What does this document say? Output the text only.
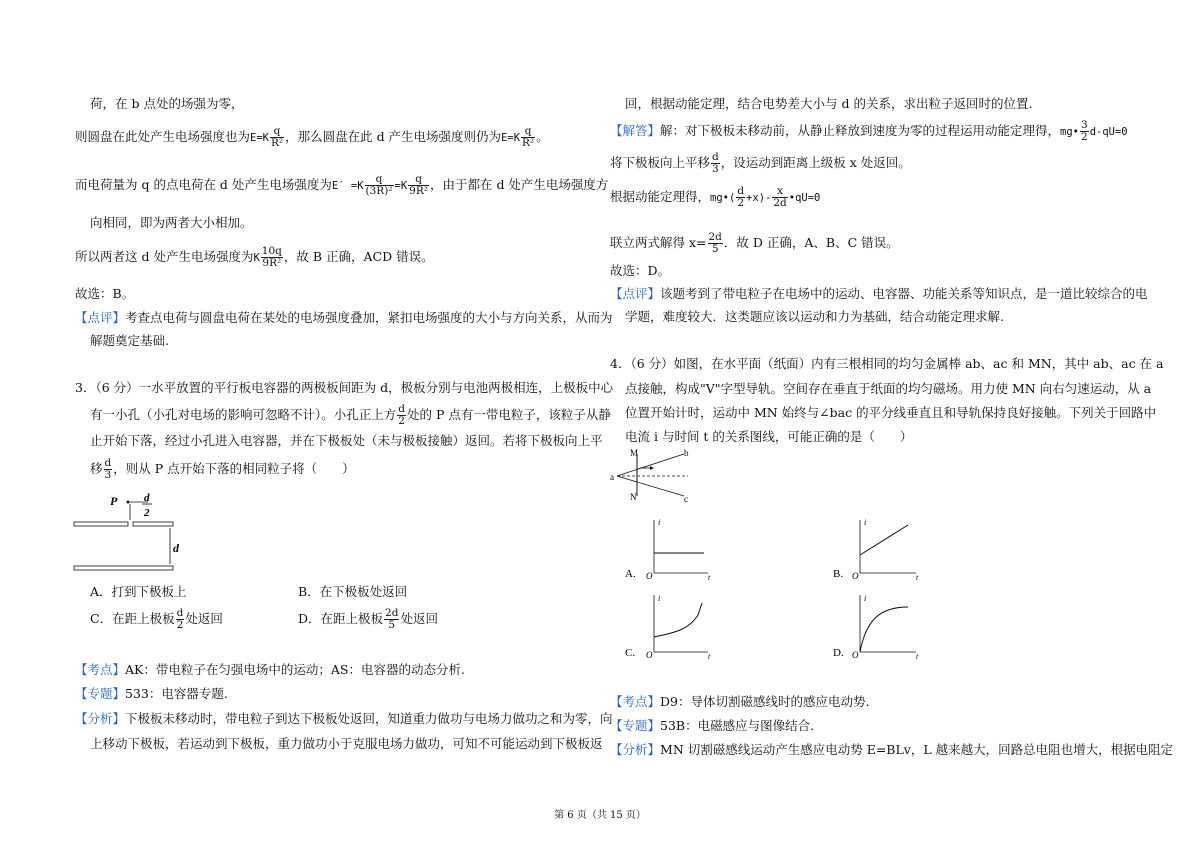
荷，在 b 点处的场强为零，
则圆盘在此处产生电场强度也为$E=K \frac{q}{\text{R²}}$ ，那么圆盘在此 d 产生电场强度则仍为$E=K \frac{q}{\text{R²}}$ 。
而电荷量为 q 的点电荷在 d 处产生电场强度为$E' =K \frac{q}{\text{(3R)²}} =K \frac{q}{\text{9R²}}$ ，由于都在 d 处产生电场强度方
向相同，即为两者大小相加。
所以两者这 d 处产生电场强度为K $\frac{10q}{\text{9R²}}$ ，故 B 正确，ACD 错误。
故选：B。
【点评】考查点电荷与圆盘电荷在某处的电场强度叠加，紧扣电场强度的大小与方向关系，从而为
解题奠定基础.
3．（6 分）一水平放置的平行板电容器的两极板间距为 d，极板分别与电池两极相连，上极板中心
有一小孔（小孔对电场的影响可忽略不计）。小孔正上方 $\frac{d}{2}$ 处的 P 点有一带电粒子，该粒子从静
止开始下落，经过小孔进入电容器，并在下极板处（未与极板接触）返回。若将下极板向上平
移 $\frac{d}{3}$ ，则从 P 点开始下落的相同粒子将（　　）
P d
2
d
A．打到下极板上	B．在下极板处返回
C．在距上极板 $\frac{d}{2}$ 处返回	D．在距上极板 $\frac{2d}{5}$ 处返回
【考点】AK：带电粒子在匀强电场中的运动；AS：电容器的动态分析.
【专题】533：电容器专题.
【分析】下极板未移动时，带电粒子到达下极板处返回，知道重力做功与电场力做功之和为零，向
上移动下极板，若运动到下极板，重力做功小于克服电场力做功，可知不可能运动到下极板返
回，根据动能定理，结合电势差大小与 d 的关系，求出粒子返回时的位置.
【解答】解：对下极板未移动前，从静止释放到速度为零的过程运用动能定理得，mg• $\frac{3}{2} d-qU=0$
将下极板向上平移 $\frac{d}{3}$ ，设运动到距离上级板 x 处返回。
根据动能定理得，mg•( $\frac{d}{2} +x)- \frac{x}{2d}$ •qU=0
联立两式解得 $x= \frac{2d}{5}$ ．故 D 正确，A、B、C 错误。
故选：D。
【点评】该题考到了带电粒子在电场中的运动、电容器、功能关系等知识点，是一道比较综合的电
学题，难度较大．这类题应该以运动和力为基础，结合动能定理求解.
4．（6 分）如图，在水平面（纸面）内有三根相同的均匀金属棒 ab、ac 和 MN，其中 ab、ac 在 a
点接触，构成"V"字型导轨。空间存在垂直于纸面的均匀磁场。用力使 MN 向右匀速运动，从 a
位置开始计时，运动中 MN 始终与∠bac 的平分线垂直且和导轨保持良好接触。下列关于回路中
电流 i 与时间 t 的关系图线，可能正确的是（　　）
M
N
a
b
c
A.
i
t
O	B.
i
t
O
C.
i
t
O	D.
i
t
O
【考点】D9：导体切割磁感线时的感应电动势.
【专题】53B：电磁感应与图像结合.
【分析】MN 切割磁感线运动产生感应电动势 E=BLv，L 越来越大，回路总电阻也增大，根据电阻定
第 6 页（共 15 页）
